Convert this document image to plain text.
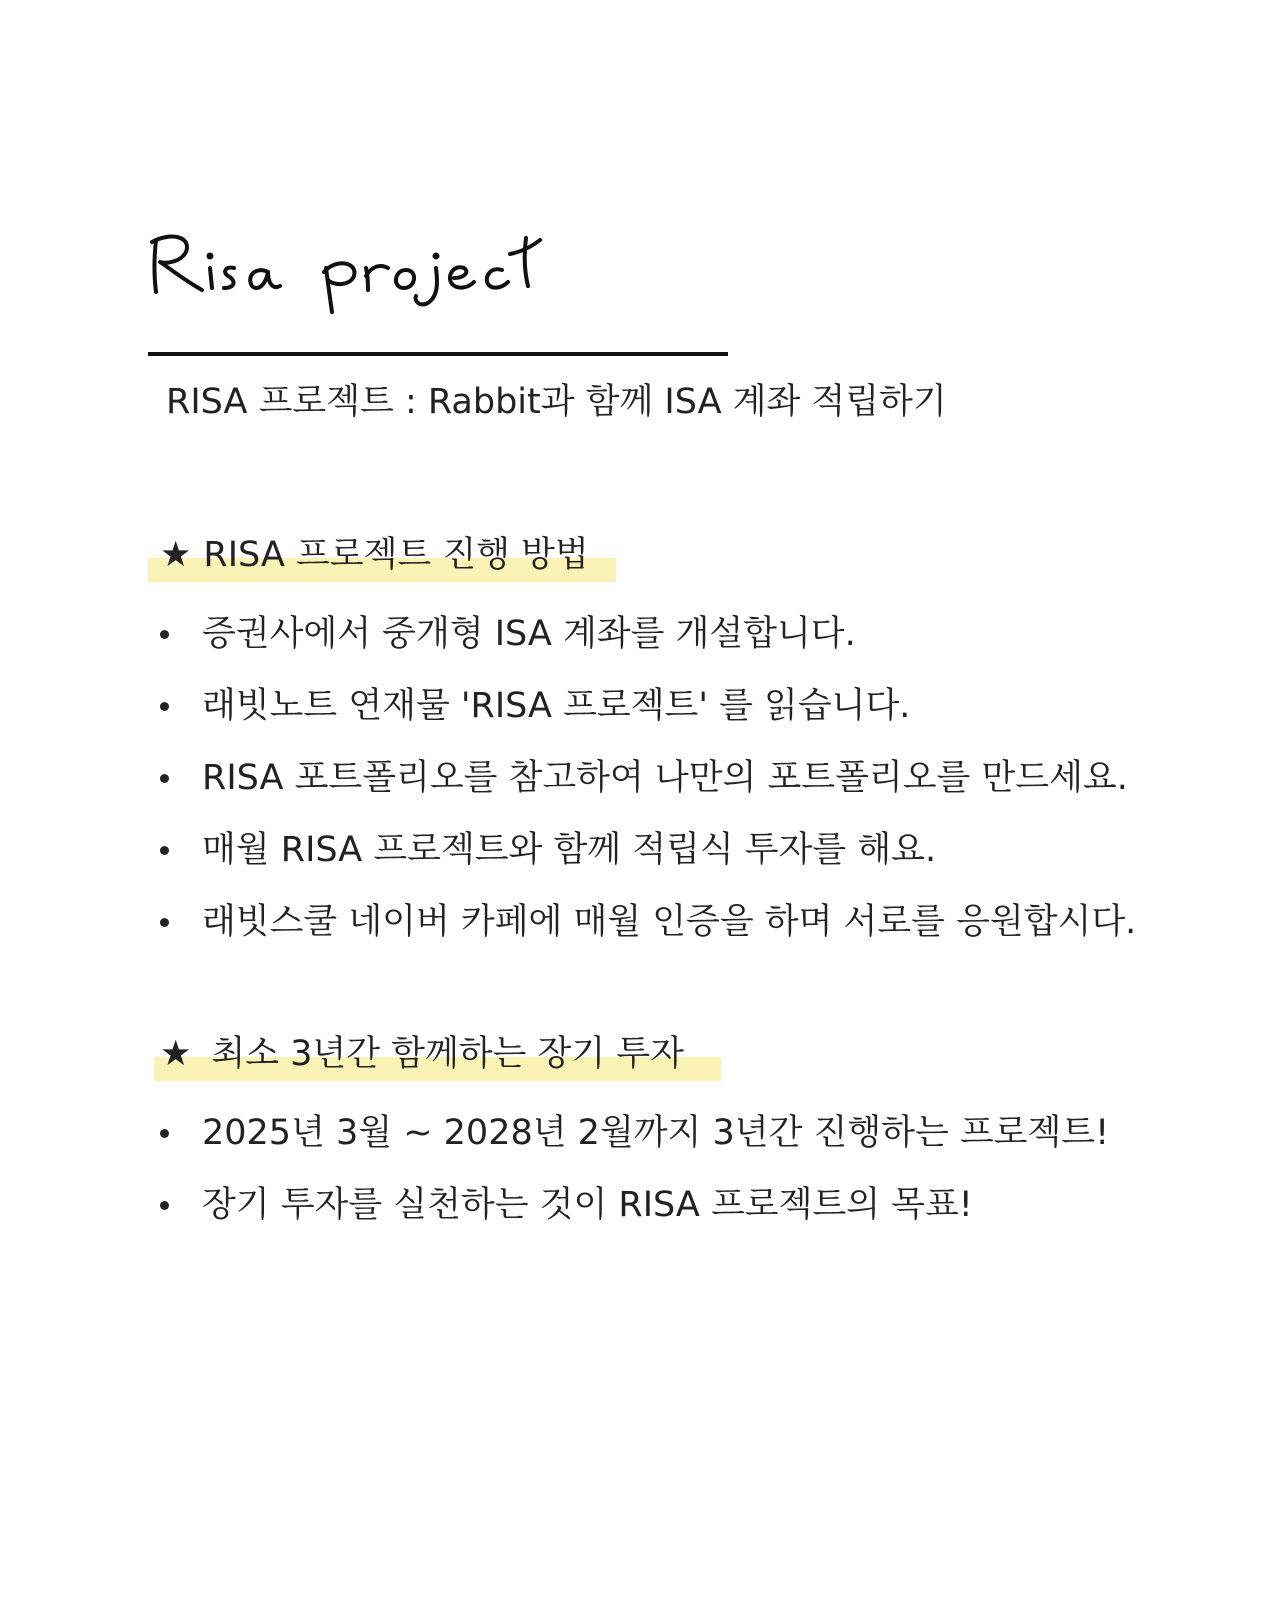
RISA 프로젝트 : Rabbit과 함께 ISA 계좌 적립하기
★ RISA 프로젝트 진행 방법
증권사에서 중개형 ISA 계좌를 개설합니다.
래빗노트 연재물 'RISA 프로젝트' 를 읽습니다.
RISA 포트폴리오를 참고하여 나만의 포트폴리오를 만드세요.
매월 RISA 프로젝트와 함께 적립식 투자를 해요.
래빗스쿨 네이버 카페에 매월 인증을 하며 서로를 응원합시다.
★ 최소 3년간 함께하는 장기 투자
2025년 3월 ~ 2028년 2월까지 3년간 진행하는 프로젝트!
장기 투자를 실천하는 것이 RISA 프로젝트의 목표!
